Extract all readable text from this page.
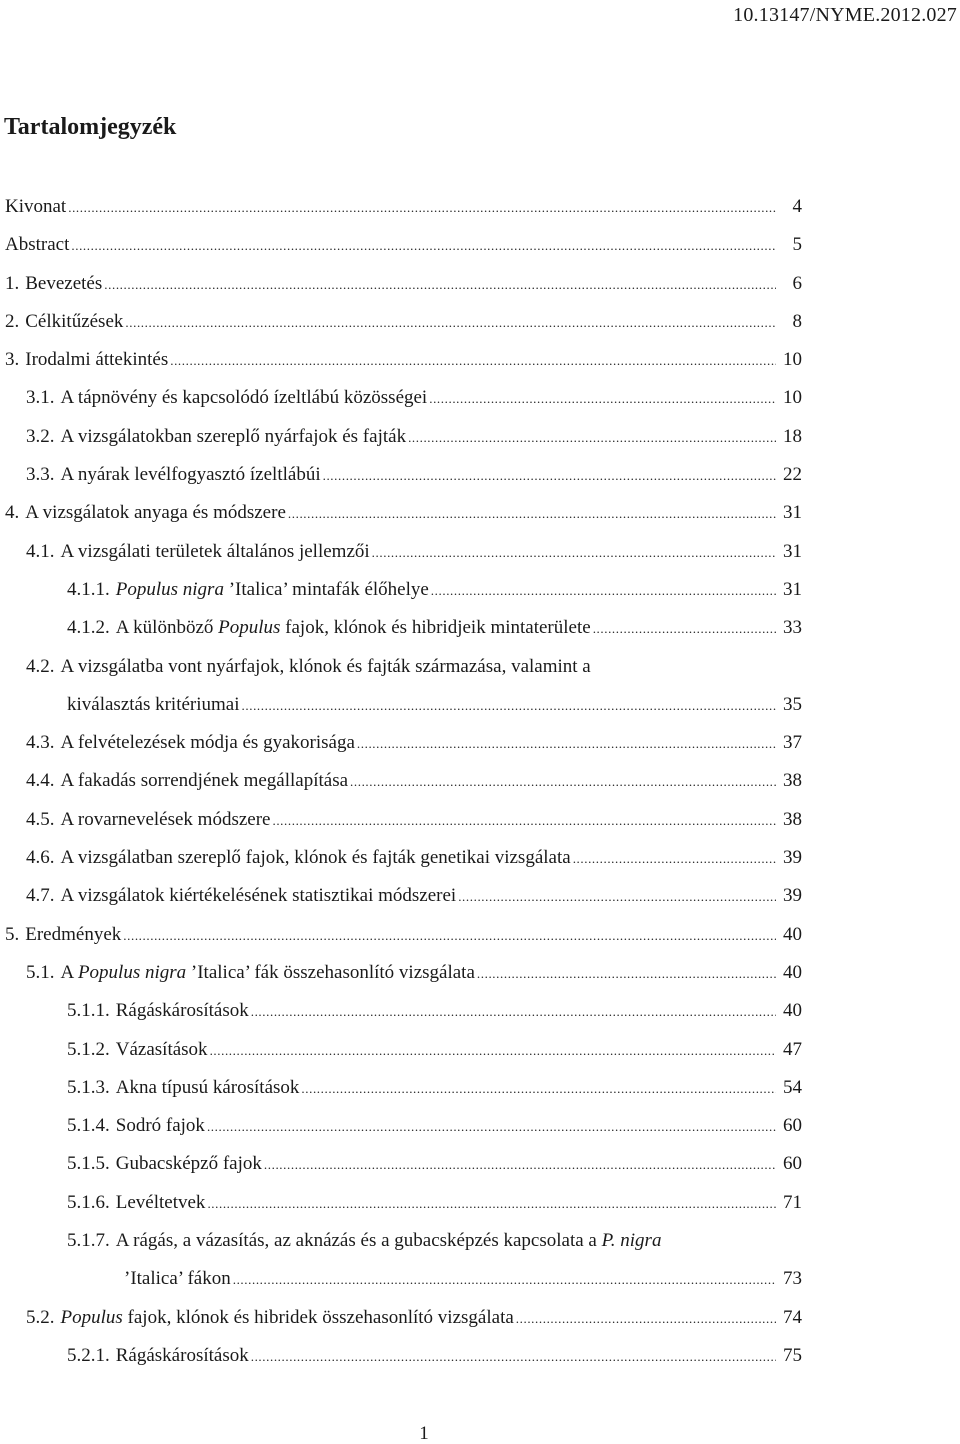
10.13147/NYME.2012.027
Tartalomjegyzék
Kivonat .....	4
Abstract .....	5
1. Bevezetés .....	6
2. Célkitűzések .....	8
3. Irodalmi áttekintés .....	10
3.1. A tápnövény és kapcsolódó ízeltlábú közösségei .....	10
3.2. A vizsgálatokban szereplő nyárfajok és fajták .....	18
3.3. A nyárak levélfogyasztó ízeltlábúi .....	22
4. A vizsgálatok anyaga és módszere .....	31
4.1. A vizsgálati területek általános jellemzői .....	31
4.1.1. Populus nigra ’Italica’ mintafák élőhelye .....	31
4.1.2. A különböző Populus fajok, klónok és hibridjeik mintaterülete .....	33
4.2. A vizsgálatba vont nyárfajok, klónok és fajták származása, valamint a
kiválasztás kritériumai .....	35
4.3. A felvételezések módja és gyakorisága .....	37
4.4. A fakadás sorrendjének megállapítása .....	38
4.5. A rovarnevelések módszere .....	38
4.6. A vizsgálatban szereplő fajok, klónok és fajták genetikai vizsgálata .....	39
4.7. A vizsgálatok kiértékelésének statisztikai módszerei .....	39
5. Eredmények .....	40
5.1. A Populus nigra ’Italica’ fák összehasonlító vizsgálata .....	40
5.1.1. Rágáskárosítások .....	40
5.1.2. Vázasítások .....	47
5.1.3. Akna típusú károsítások .....	54
5.1.4. Sodró fajok .....	60
5.1.5. Gubacsképző fajok .....	60
5.1.6. Levéltetvek .....	71
5.1.7. A rágás, a vázasítás, az aknázás és a gubacsképzés kapcsolata a P. nigra
’Italica’ fákon .....	73
5.2. Populus fajok, klónok és hibridek összehasonlító vizsgálata .....	74
5.2.1. Rágáskárosítások .....	75
1
